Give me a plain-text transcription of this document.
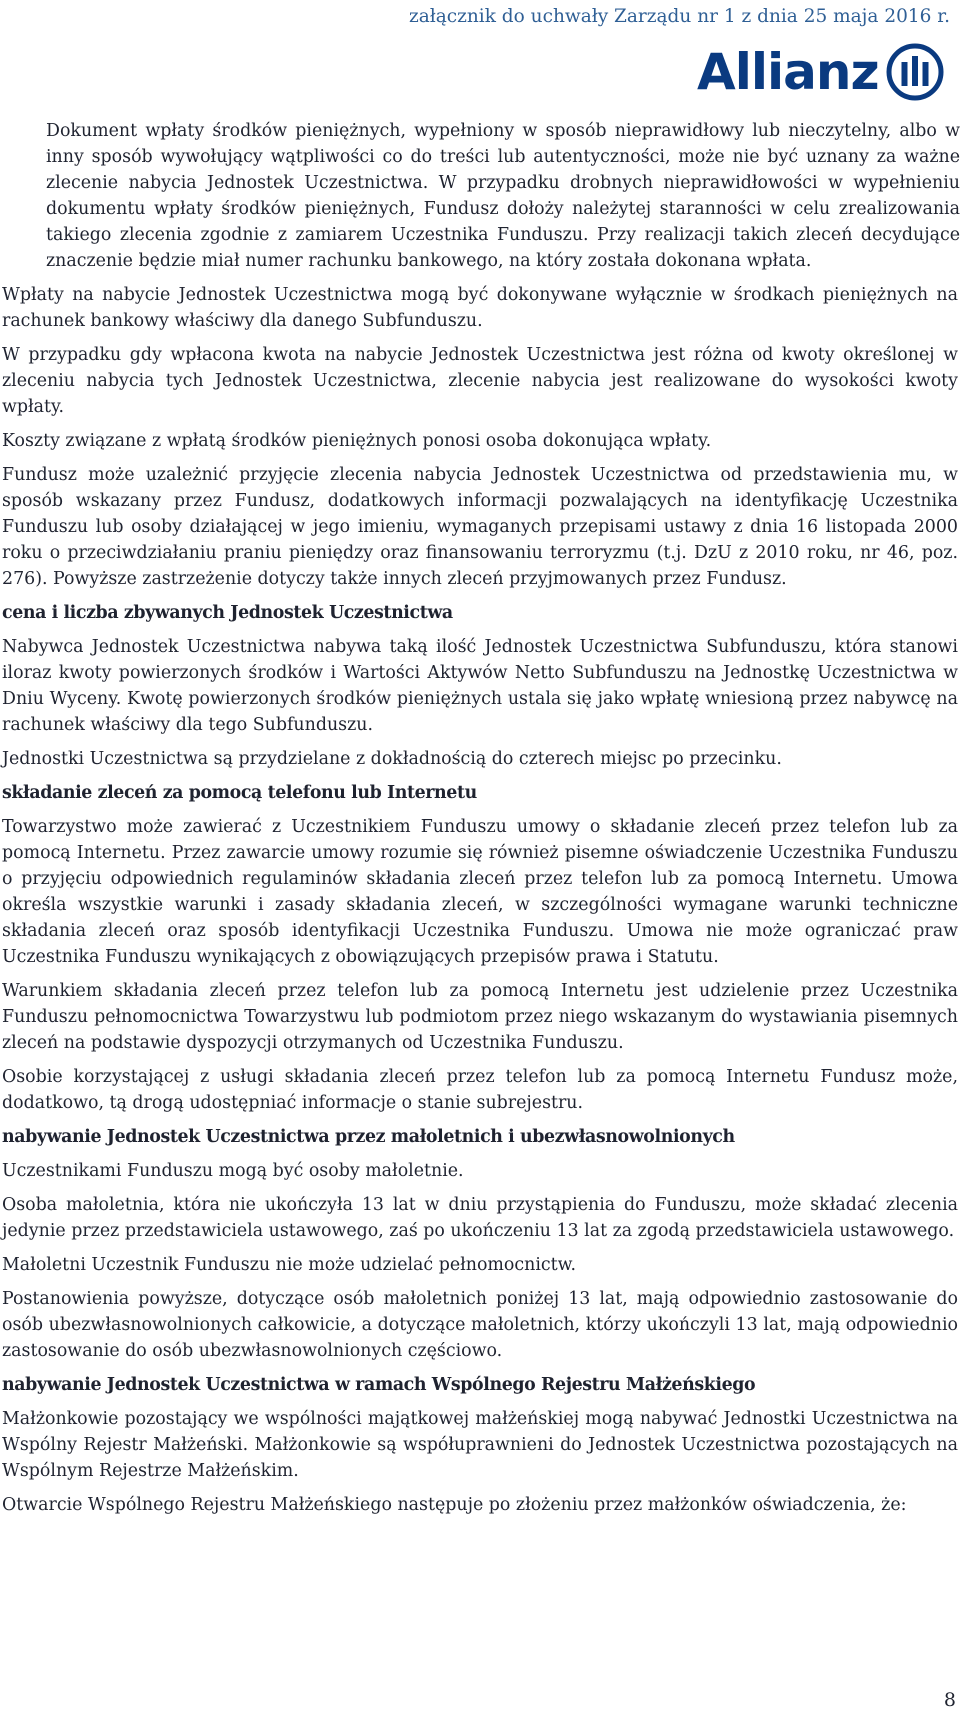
załącznik do uchwały Zarządu nr 1 z dnia 25 maja 2016 r.
Allianz

Dokument wpłaty środków pieniężnych, wypełniony w sposób nieprawidłowy lub nieczytelny, albo w inny sposób wywołujący wątpliwości co do treści lub autentyczności, może nie być uznany za ważne zlecenie nabycia Jednostek Uczestnictwa. W przypadku drobnych nieprawidłowości w wypełnieniu dokumentu wpłaty środków pieniężnych, Fundusz dołoży należytej staranności w celu zrealizowania takiego zlecenia zgodnie z zamiarem Uczestnika Funduszu. Przy realizacji takich zleceń decydujące znaczenie będzie miał numer rachunku bankowego, na który została dokonana wpłata.

Wpłaty na nabycie Jednostek Uczestnictwa mogą być dokonywane wyłącznie w środkach pieniężnych na rachunek bankowy właściwy dla danego Subfunduszu.

W przypadku gdy wpłacona kwota na nabycie Jednostek Uczestnictwa jest różna od kwoty określonej w zleceniu nabycia tych Jednostek Uczestnictwa, zlecenie nabycia jest realizowane do wysokości kwoty wpłaty.

Koszty związane z wpłatą środków pieniężnych ponosi osoba dokonująca wpłaty.

Fundusz może uzależnić przyjęcie zlecenia nabycia Jednostek Uczestnictwa od przedstawienia mu, w sposób wskazany przez Fundusz, dodatkowych informacji pozwalających na identyfikację Uczestnika Funduszu lub osoby działającej w jego imieniu, wymaganych przepisami ustawy z dnia 16 listopada 2000 roku o przeciwdziałaniu praniu pieniędzy oraz finansowaniu terroryzmu (t.j. DzU z 2010 roku, nr 46, poz. 276). Powyższe zastrzeżenie dotyczy także innych zleceń przyjmowanych przez Fundusz.

cena i liczba zbywanych Jednostek Uczestnictwa

Nabywca Jednostek Uczestnictwa nabywa taką ilość Jednostek Uczestnictwa Subfunduszu, która stanowi iloraz kwoty powierzonych środków i Wartości Aktywów Netto Subfunduszu na Jednostkę Uczestnictwa w Dniu Wyceny. Kwotę powierzonych środków pieniężnych ustala się jako wpłatę wniesioną przez nabywcę na rachunek właściwy dla tego Subfunduszu.

Jednostki Uczestnictwa są przydzielane z dokładnością do czterech miejsc po przecinku.

składanie zleceń za pomocą telefonu lub Internetu

Towarzystwo może zawierać z Uczestnikiem Funduszu umowy o składanie zleceń przez telefon lub za pomocą Internetu. Przez zawarcie umowy rozumie się również pisemne oświadczenie Uczestnika Funduszu o przyjęciu odpowiednich regulaminów składania zleceń przez telefon lub za pomocą Internetu. Umowa określa wszystkie warunki i zasady składania zleceń, w szczególności wymagane warunki techniczne składania zleceń oraz sposób identyfikacji Uczestnika Funduszu. Umowa nie może ograniczać praw Uczestnika Funduszu wynikających z obowiązujących przepisów prawa i Statutu.

Warunkiem składania zleceń przez telefon lub za pomocą Internetu jest udzielenie przez Uczestnika Funduszu pełnomocnictwa Towarzystwu lub podmiotom przez niego wskazanym do wystawiania pisemnych zleceń na podstawie dyspozycji otrzymanych od Uczestnika Funduszu.

Osobie korzystającej z usługi składania zleceń przez telefon lub za pomocą Internetu Fundusz może, dodatkowo, tą drogą udostępniać informacje o stanie subrejestru.

nabywanie Jednostek Uczestnictwa przez małoletnich i ubezwłasnowolnionych

Uczestnikami Funduszu mogą być osoby małoletnie.

Osoba małoletnia, która nie ukończyła 13 lat w dniu przystąpienia do Funduszu, może składać zlecenia jedynie przez przedstawiciela ustawowego, zaś po ukończeniu 13 lat za zgodą przedstawiciela ustawowego.

Małoletni Uczestnik Funduszu nie może udzielać pełnomocnictw.

Postanowienia powyższe, dotyczące osób małoletnich poniżej 13 lat, mają odpowiednio zastosowanie do osób ubezwłasnowolnionych całkowicie, a dotyczące małoletnich, którzy ukończyli 13 lat, mają odpowiednio zastosowanie do osób ubezwłasnowolnionych częściowo.

nabywanie Jednostek Uczestnictwa w ramach Wspólnego Rejestru Małżeńskiego

Małżonkowie pozostający we wspólności majątkowej małżeńskiej mogą nabywać Jednostki Uczestnictwa na Wspólny Rejestr Małżeński. Małżonkowie są współuprawnieni do Jednostek Uczestnictwa pozostających na Wspólnym Rejestrze Małżeńskim.

Otwarcie Wspólnego Rejestru Małżeńskiego następuje po złożeniu przez małżonków oświadczenia, że:

8
